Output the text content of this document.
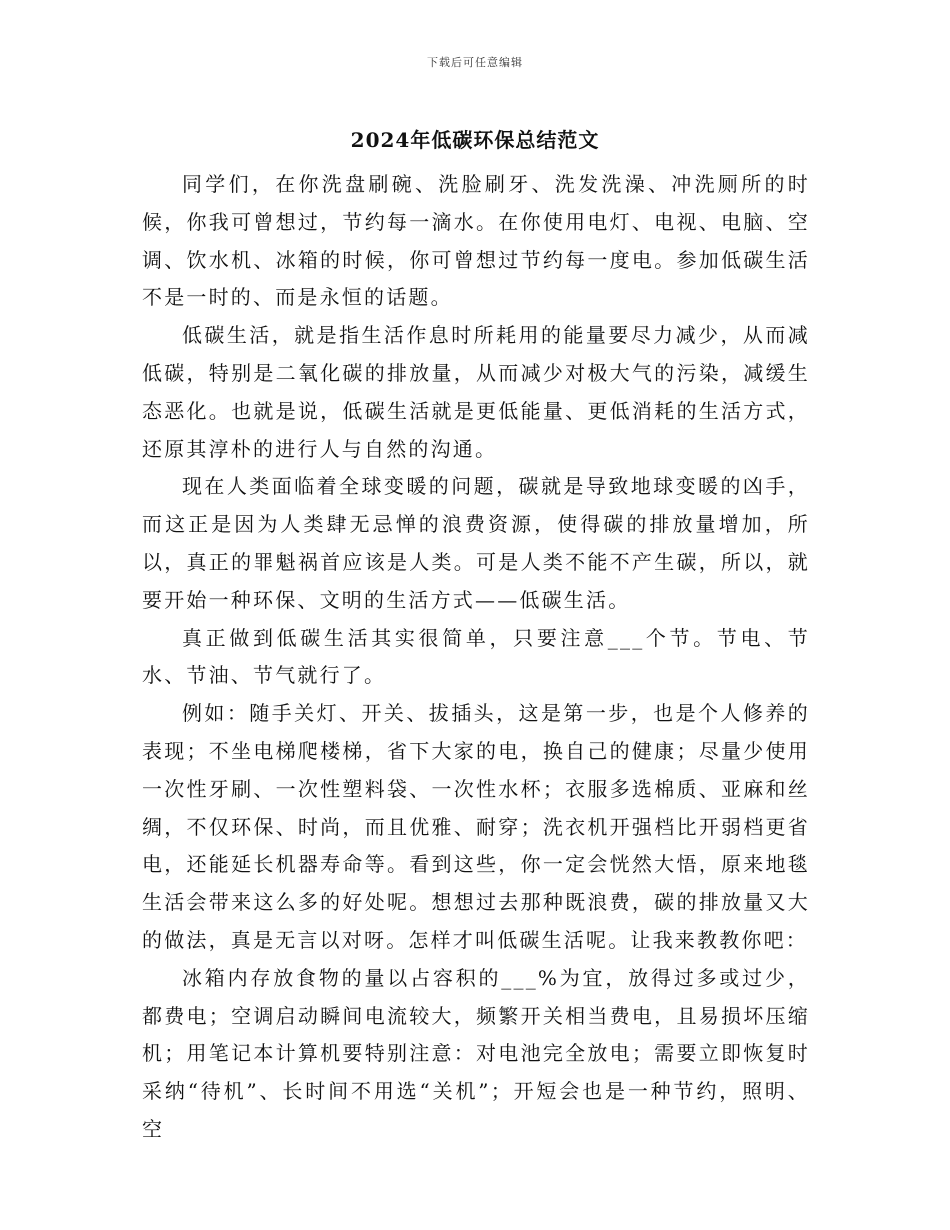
下载后可任意编辑
2024年低碳环保总结范文

同学们，在你洗盘刷碗、洗脸刷牙、洗发洗澡、冲洗厕所的时候，你我可曾想过，节约每一滴水。在你使用电灯、电视、电脑、空调、饮水机、冰箱的时候，你可曾想过节约每一度电。参加低碳生活不是一时的、而是永恒的话题。

低碳生活，就是指生活作息时所耗用的能量要尽力减少，从而减低碳，特别是二氧化碳的排放量，从而减少对极大气的污染，减缓生态恶化。也就是说，低碳生活就是更低能量、更低消耗的生活方式，还原其淳朴的进行人与自然的沟通。

现在人类面临着全球变暖的问题，碳就是导致地球变暖的凶手，而这正是因为人类肆无忌惮的浪费资源，使得碳的排放量增加，所以，真正的罪魁祸首应该是人类。可是人类不能不产生碳，所以，就要开始一种环保、文明的生活方式——低碳生活。

真正做到低碳生活其实很简单，只要注意___个节。节电、节水、节油、节气就行了。

例如：随手关灯、开关、拔插头，这是第一步，也是个人修养的表现；不坐电梯爬楼梯，省下大家的电，换自己的健康；尽量少使用一次性牙刷、一次性塑料袋、一次性水杯；衣服多选棉质、亚麻和丝绸，不仅环保、时尚，而且优雅、耐穿；洗衣机开强档比开弱档更省电，还能延长机器寿命等。看到这些，你一定会恍然大悟，原来地毯生活会带来这么多的好处呢。想想过去那种既浪费，碳的排放量又大的做法，真是无言以对呀。怎样才叫低碳生活呢。让我来教教你吧：

冰箱内存放食物的量以占容积的___%为宜，放得过多或过少，都费电；空调启动瞬间电流较大，频繁开关相当费电，且易损坏压缩机；用笔记本计算机要特别注意：对电池完全放电；需要立即恢复时采纳“待机”、长时间不用选“关机”；开短会也是一种节约，照明、空
